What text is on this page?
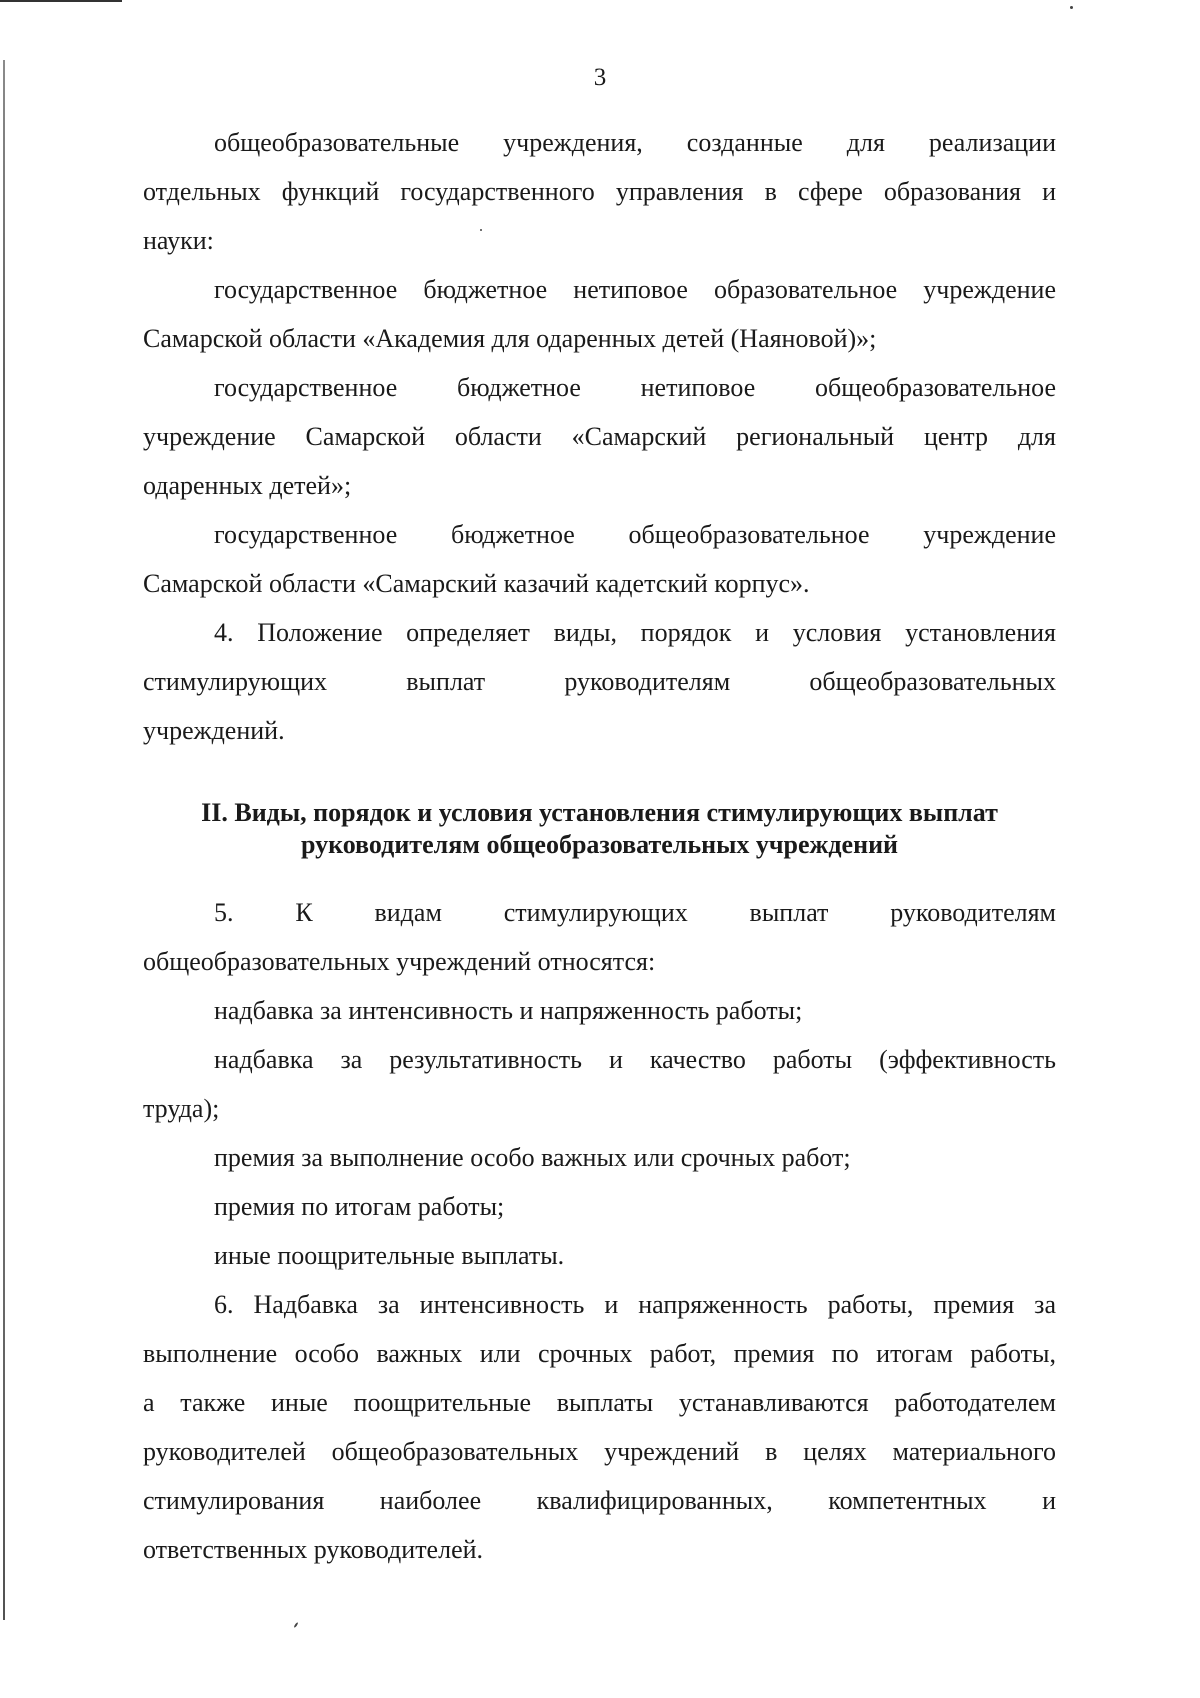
3

общеобразовательные учреждения, созданные для реализации
отдельных функций государственного управления в сфере образования и
науки:

государственное бюджетное нетиповое образовательное учреждение
Самарской области «Академия для одаренных детей (Наяновой)»;

государственное бюджетное нетиповое общеобразовательное
учреждение Самарской области «Самарский региональный центр для
одаренных детей»;

государственное бюджетное общеобразовательное учреждение
Самарской области «Самарский казачий кадетский корпус».

4. Положение определяет виды, порядок и условия установления
стимулирующих выплат руководителям общеобразовательных
учреждений.

II. Виды, порядок и условия установления стимулирующих выплат
руководителям общеобразовательных учреждений

5. К видам стимулирующих выплат руководителям
общеобразовательных учреждений относятся:

надбавка за интенсивность и напряженность работы;

надбавка за результативность и качество работы (эффективность
труда);

премия за выполнение особо важных или срочных работ;

премия по итогам работы;

иные поощрительные выплаты.

6. Надбавка за интенсивность и напряженность работы, премия за
выполнение особо важных или срочных работ, премия по итогам работы,
а также иные поощрительные выплаты устанавливаются работодателем
руководителей общеобразовательных учреждений в целях материального
стимулирования наиболее квалифицированных, компетентных и
ответственных руководителей.
